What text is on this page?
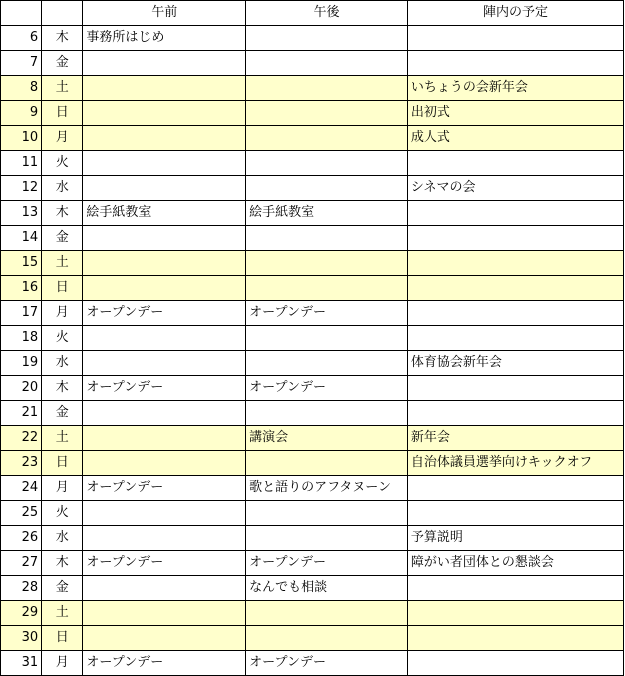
		午前	午後	陣内の予定
6	木	事務所はじめ		
7	金			
8	土			いちょうの会新年会
9	日			出初式
10	月			成人式
11	火			
12	水			シネマの会
13	木	絵手紙教室	絵手紙教室	
14	金			
15	土			
16	日			
17	月	オープンデー	オープンデー	
18	火			
19	水			体育協会新年会
20	木	オープンデー	オープンデー	
21	金			
22	土		講演会	新年会
23	日			自治体議員選挙向けキックオフ
24	月	オープンデー	歌と語りのアフタヌーン	
25	火			
26	水			予算説明
27	木	オープンデー	オープンデー	障がい者団体との懇談会
28	金		なんでも相談	
29	土			
30	日			
31	月	オープンデー	オープンデー	
